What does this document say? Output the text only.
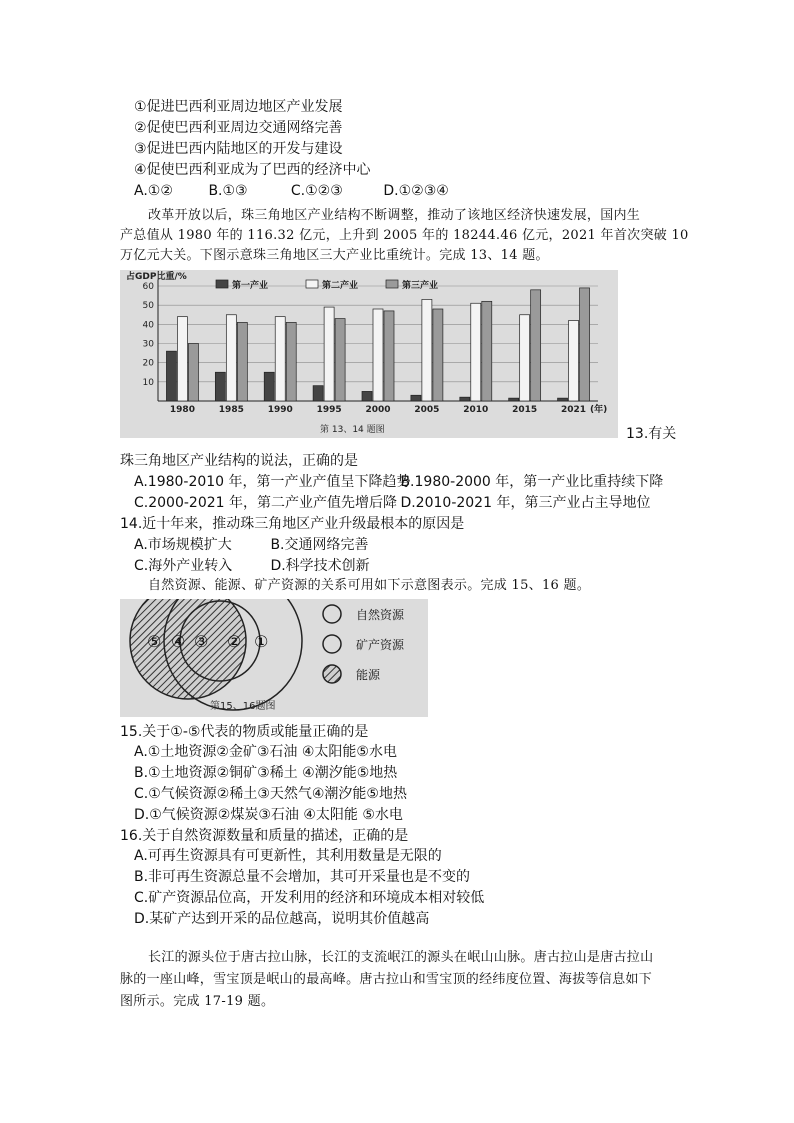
①促进巴西利亚周边地区产业发展
②促使巴西利亚周边交通网络完善
③促进巴西内陆地区的开发与建设
④促使巴西利亚成为了巴西的经济中心
A.①②	B.①③	C.①②③	D.①②③④
改革开放以后，珠三角地区产业结构不断调整，推动了该地区经济快速发展，国内生
产总值从 1980 年的 116.32 亿元，上升到 2005 年的 18244.46 亿元，2021 年首次突破 10
万亿元大关。下图示意珠三角地区三大产业比重统计。完成 13、14 题。
占GDP比重/%
10
20
30
40
50
60
1980	1985	1990	1995	2000	2005	2010	2015	2021 (年)
第一产业	第二产业	第三产业
第 13、14 题图	13.有关
珠三角地区产业结构的说法，正确的是
A.1980-2010 年，第一产业产值呈下降趋势 B.1980-2000 年，第一产业比重持续下降
C.2000-2021 年，第二产业产值先增后降 D.2010-2021 年，第三产业占主导地位
14.近十年来，推动珠三角地区产业升级最根本的原因是
A.市场规模扩大	B.交通网络完善
C.海外产业转入	D.科学技术创新
自然资源、能源、矿产资源的关系可用如下示意图表示。完成 15、16 题。
⑤ ④ ③ ② ①
自然资源
矿产资源
能源
第15、16题图
15.关于①-⑤代表的物质或能量正确的是
A.①土地资源②金矿③石油 ④太阳能⑤水电
B.①土地资源②铜矿③稀土 ④潮汐能⑤地热
C.①气候资源②稀土③天然气④潮汐能⑤地热
D.①气候资源②煤炭③石油 ④太阳能 ⑤水电
16.关于自然资源数量和质量的描述，正确的是
A.可再生资源具有可更新性，其利用数量是无限的
B.非可再生资源总量不会增加，其可开采量也是不变的
C.矿产资源品位高，开发利用的经济和环境成本相对较低
D.某矿产达到开采的品位越高，说明其价值越高
长江的源头位于唐古拉山脉，长江的支流岷江的源头在岷山山脉。唐古拉山是唐古拉山
脉的一座山峰，雪宝顶是岷山的最高峰。唐古拉山和雪宝顶的经纬度位置、海拔等信息如下
图所示。完成 17-19 题。
